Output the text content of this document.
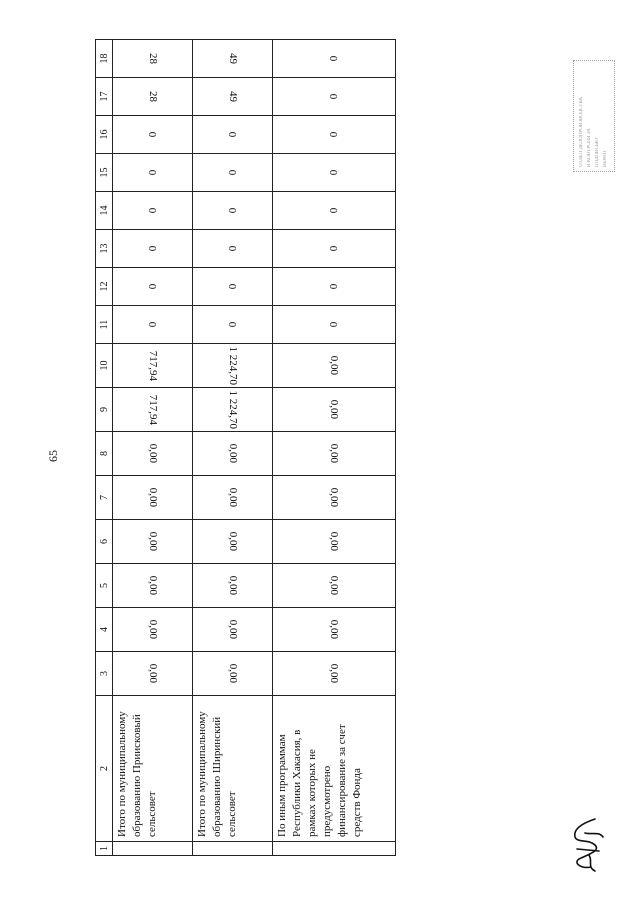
65
1	2	3	4	5	6	7	8	9	10	11	12	13	14	15	16	17	18
	Итого по муниципальному образованию Приисковый сельсовет	0,00	0,00	0,00	0,00	0,00	0,00	717,94	717,94	0	0	0	0	0	0	28	28
	Итого по муниципальному образованию Ширинский сельсовет	0,00	0,00	0,00	0,00	0,00	0,00	1 224,70	1 224,70	0	0	0	0	0	0	49	49
	По иным программам Республики Хакасия, в рамках которых не предусмотрено финансирование за счет средств Фонда	0,00	0,00	0,00	0,00	0,00	0,00	0,00	0,00	0	0	0	0	0	0	0	0
ОТДЕЛ ДЕЛОПРОИЗВОДСТВА И КОНТРОЛЯ ЗА ПОДПИСЬЮ ВЕРНО
